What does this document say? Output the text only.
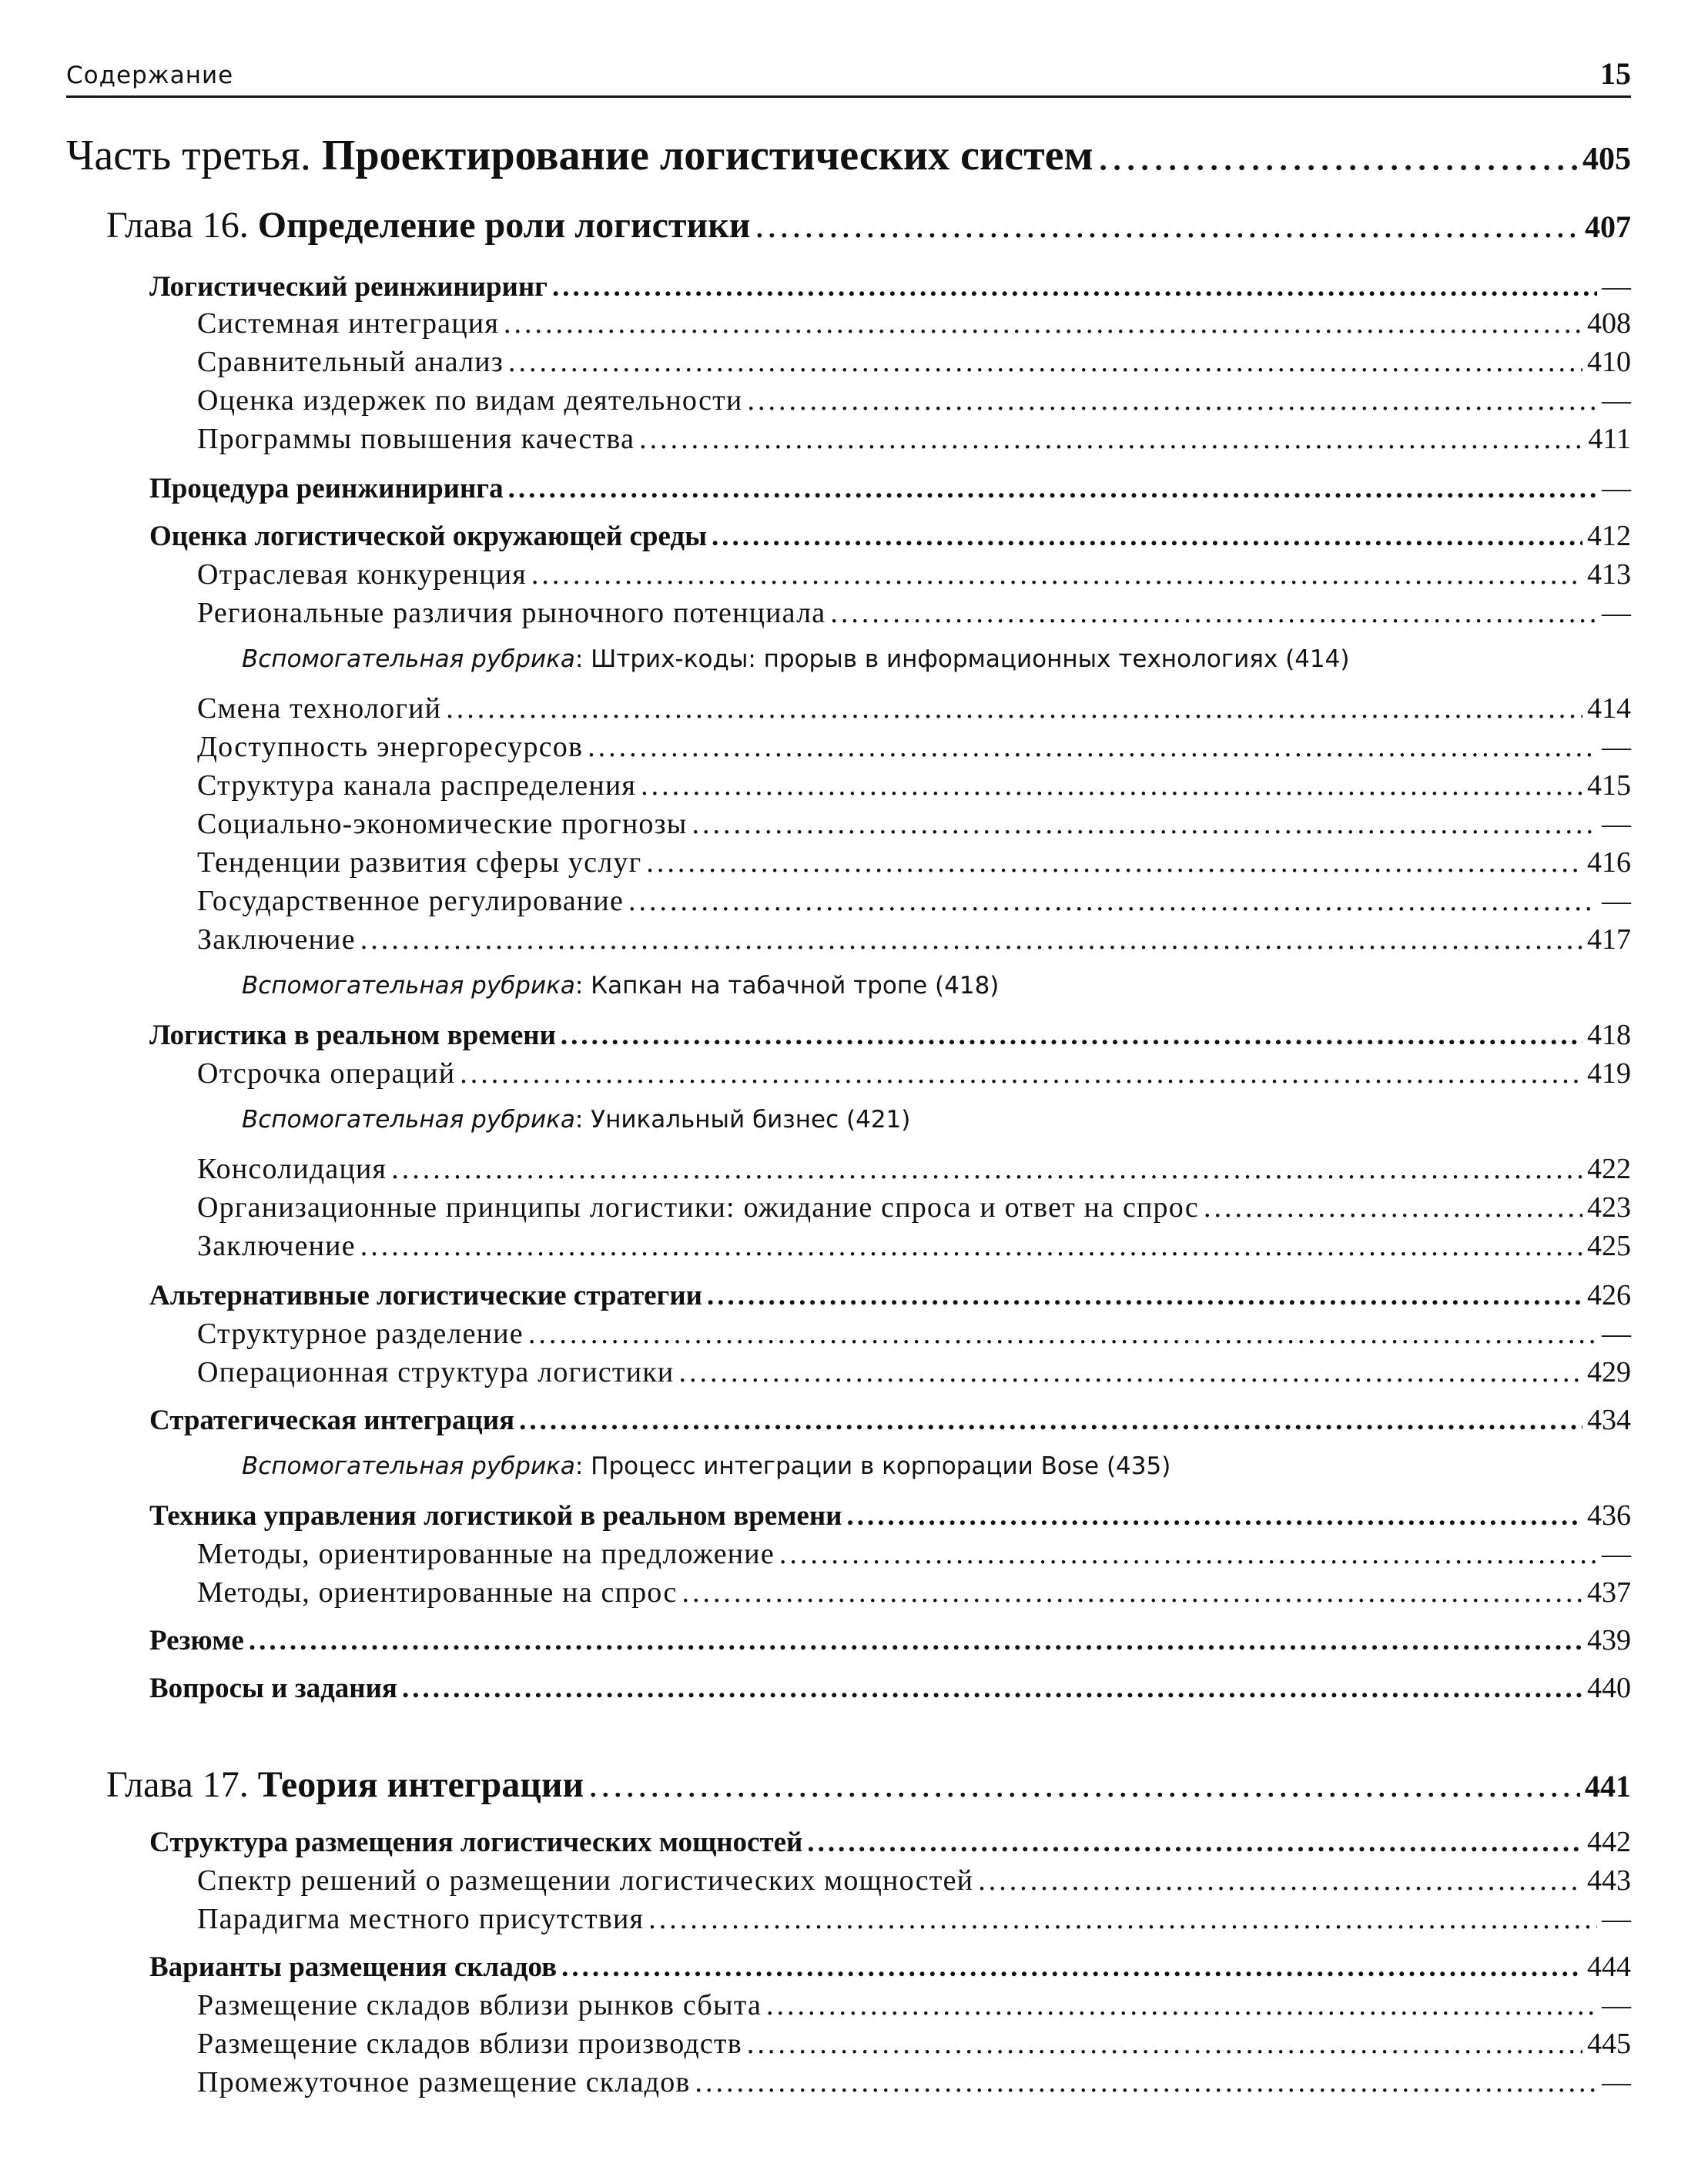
Содержание	15
Часть третья.
Проектирование логистических систем .....	405
Глава 16.
Определение роли логистики .....	407
Логистический реинжиниринг .....	—
Системная интеграция .....	408
Сравнительный анализ .....	410
Оценка издержек по видам деятельности .....	—
Программы повышения качества .....	411
Процедура реинжиниринга .....	—
Оценка логистической окружающей среды .....	412
Отраслевая конкуренция .....	413
Региональные различия рыночного потенциала .....	—
Вспомогательная рубрика: Штрих-коды: прорыв в информационных технологиях (414)
Смена технологий .....	414
Доступность энергоресурсов .....	—
Структура канала распределения .....	415
Социально-экономические прогнозы .....	—
Тенденции развития сферы услуг .....	416
Государственное регулирование .....	—
Заключение .....	417
Вспомогательная рубрика: Капкан на табачной тропе (418)
Логистика в реальном времени .....	418
Отсрочка операций .....	419
Вспомогательная рубрика: Уникальный бизнес (421)
Консолидация .....	422
Организационные принципы логистики: ожидание спроса и ответ на спрос .....	423
Заключение .....	425
Альтернативные логистические стратегии .....	426
Структурное разделение .....	—
Операционная структура логистики .....	429
Стратегическая интеграция .....	434
Вспомогательная рубрика: Процесс интеграции в корпорации Bose (435)
Техника управления логистикой в реальном времени .....	436
Методы, ориентированные на предложение .....	—
Методы, ориентированные на спрос .....	437
Резюме .....	439
Вопросы и задания .....	440
Глава 17.
Теория интеграции .....	441
Структура размещения логистических мощностей .....	442
Спектр решений о размещении логистических мощностей .....	443
Парадигма местного присутствия .....	—
Варианты размещения складов .....	444
Размещение складов вблизи рынков сбыта .....	—
Размещение складов вблизи производств .....	445
Промежуточное размещение складов .....	—
